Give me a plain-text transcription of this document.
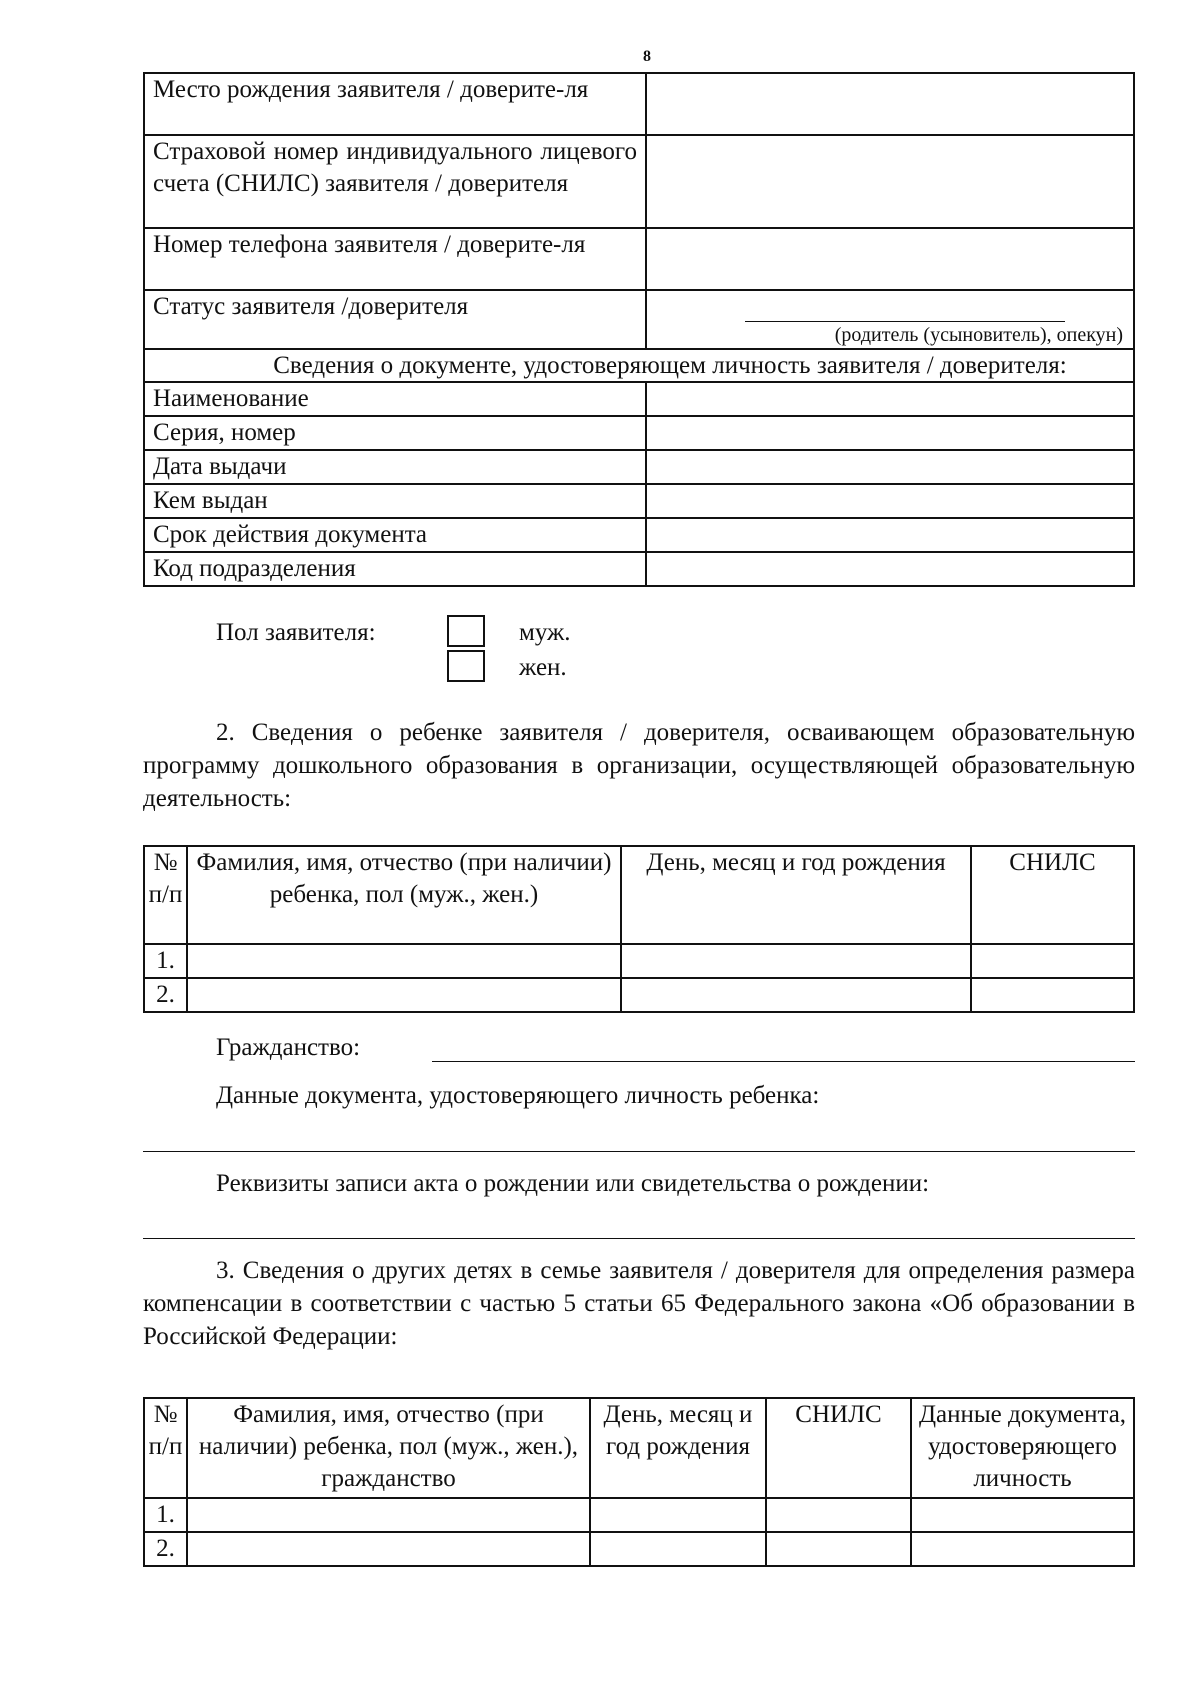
8
Место рождения заявителя / доверите-ля	
Страховой номер индивидуального лицевого счета (СНИЛС) заявителя / доверителя	
Номер телефона заявителя / доверите-ля	
Статус заявителя /доверителя	(родитель (усыновитель), опекун)

Сведения о документе, удостоверяющем личность заявителя / доверителя:	
Наименование	
Серия, номер	
Дата выдачи	
Кем выдан	
Срок действия документа	
Код подразделения	
Пол заявителя:	муж.
жен.
2. Сведения о ребенке заявителя / доверителя, осваивающем образовательную программу дошкольного образования в организации, осуществляющей образовательную деятельность:
№ п/п	Фамилия, имя, отчество (при наличии) ребенка, пол (муж., жен.)	День, месяц и год рождения	СНИЛС
1.			
2.			
Гражданство:
Данные документа, удостоверяющего личность ребенка:
Реквизиты записи акта о рождении или свидетельства о рождении:
3. Сведения о других детях в семье заявителя / доверителя для определения размера компенсации в соответствии с частью 5 статьи 65 Федерального закона «Об образовании в Российской Федерации:
№ п/п	Фамилия, имя, отчество (при наличии) ребенка, пол (муж., жен.), гражданство	День, месяц и год рождения	СНИЛС	Данные документа, удостоверяющего личность
1.				
2.				
